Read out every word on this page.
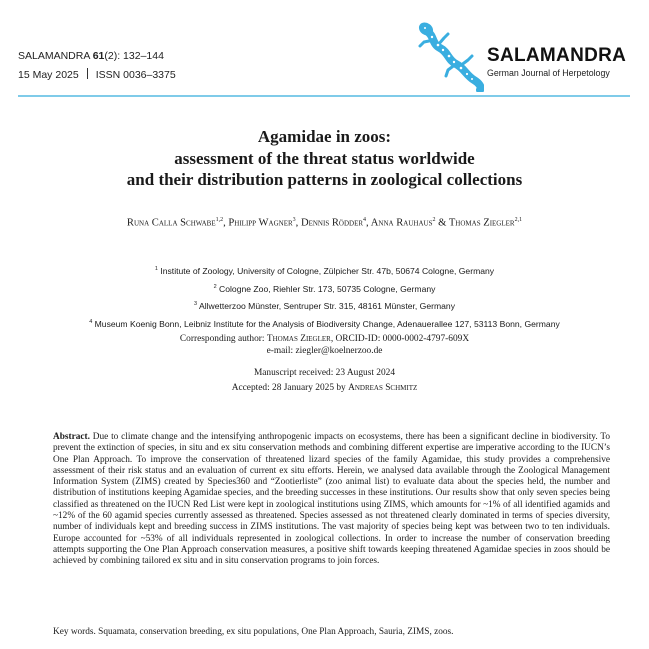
SALAMANDRA 61(2): 132–144
15 May 2025 ISSN 0036–3375
SALAMANDRA
German Journal of Herpetology
Agamidae in zoos:
assessment of the threat status worldwide
and their distribution patterns in zoological collections
Runa Calla Schwabe$^{1,2}$, Philipp Wagner$^3$, Dennis Rödder$^4$, Anna Rauhaus$^2$ & Thomas Ziegler$^{2,1}$
$^1$ Institute of Zoology, University of Cologne, Zülpicher Str. 47b, 50674 Cologne, Germany
$^2$ Cologne Zoo, Riehler Str. 173, 50735 Cologne, Germany
$^3$ Allwetterzoo Münster, Sentruper Str. 315, 48161 Münster, Germany
$^4$ Museum Koenig Bonn, Leibniz Institute for the Analysis of Biodiversity Change, Adenauerallee 127, 53113 Bonn, Germany
Corresponding author: Thomas Ziegler, ORCID-ID: 0000-0002-4797-609X
e-mail: ziegler@koelnerzoo.de
Manuscript received: 23 August 2024
Accepted: 28 January 2025 by Andreas Schmitz
Abstract. Due to climate change and the intensifying anthropogenic impacts on ecosystems, there has been a significant decline in biodiversity. To prevent the extinction of species, in situ and ex situ conservation methods and combining different expertise are imperative according to the IUCN’s One Plan Approach. To improve the conservation of threatened lizard species of the family Agamidae, this study provides a comprehensive assessment of their risk status and an evaluation of current ex situ efforts. Herein, we analysed data available through the Zoological Management Information System (ZIMS) created by Species360 and “Zootierliste” (zoo animal list) to evaluate data about the species held, the number and distribution of institutions keeping Agamidae species, and the breeding successes in these institutions. Our results show that only seven species being classified as threatened on the IUCN Red List were kept in zoological institutions using ZIMS, which amounts for ~1% of all identified agamids and ~12% of the 60 agamid species currently assessed as threatened. Species assessed as not threatened clearly dominated in terms of species diversity, number of individuals kept and breeding success in ZIMS institutions. The vast majority of species being kept was between two to ten individuals. Europe accounted for ~53% of all individuals represented in zoological collections. In order to increase the number of conservation breeding attempts supporting the One Plan Approach conservation measures, a positive shift towards keeping threatened Agamidae species in zoos should be achieved by combining tailored ex situ and in situ conservation programs to join forces.
Key words. Squamata, conservation breeding, ex situ populations, One Plan Approach, Sauria, ZIMS, zoos.
